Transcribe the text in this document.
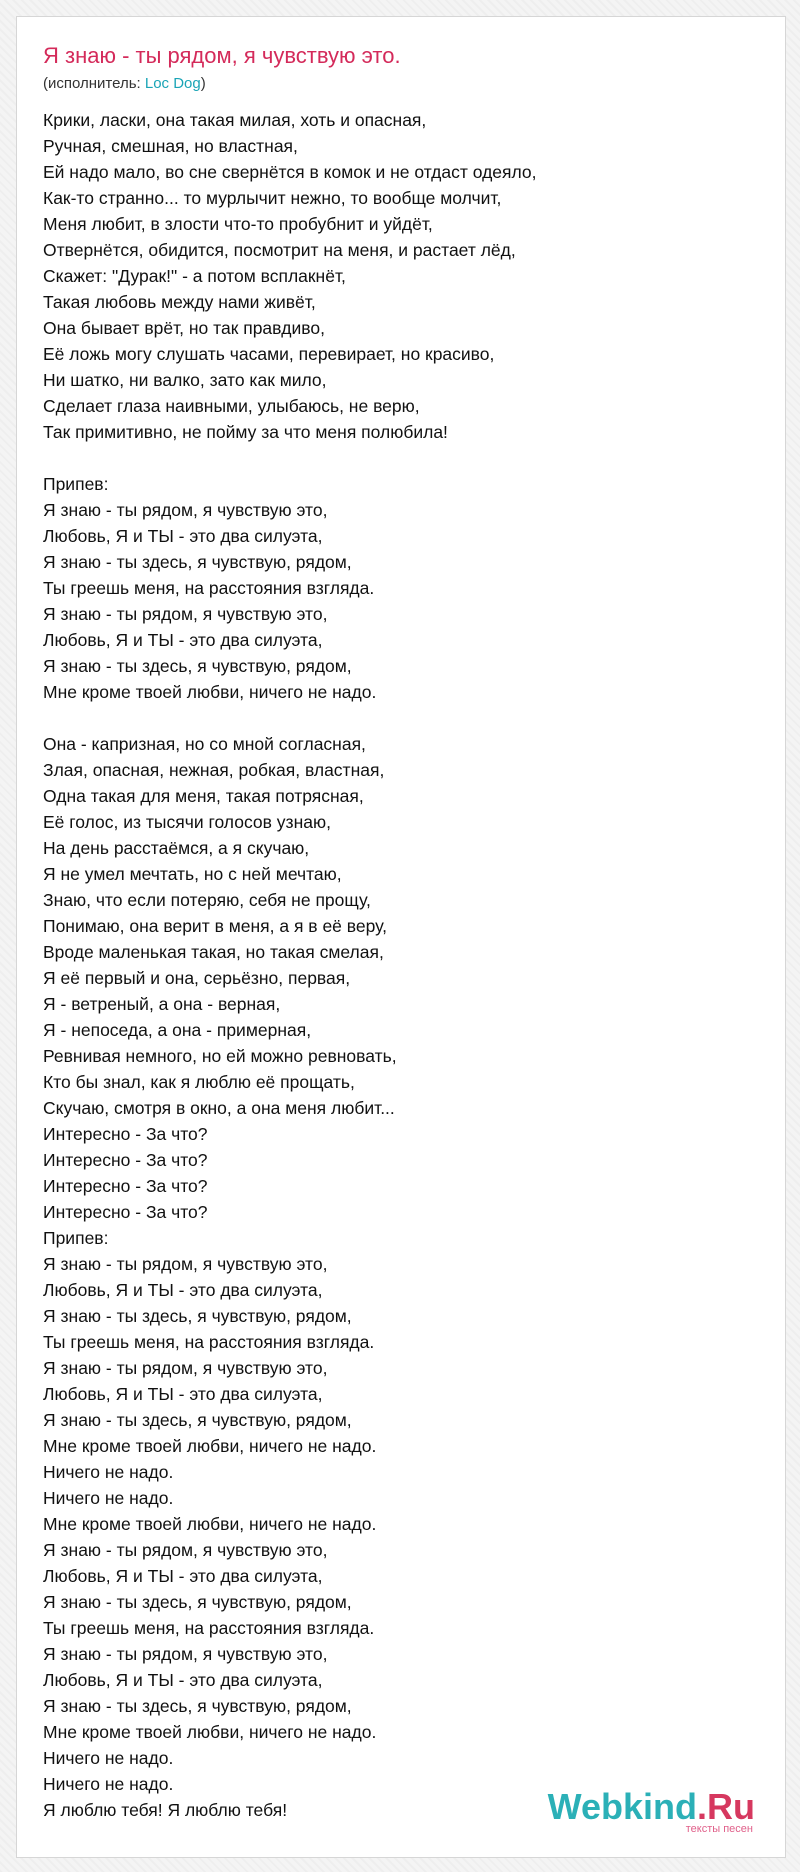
Я знаю - ты рядом, я чувствую это.
(исполнитель: Loc Dog)
Крики, ласки, она такая милая, хоть и опасная,
Ручная, смешная, но властная,
Ей надо мало, во сне свернётся в комок и не отдаст одеяло,
Как-то странно... то мурлычит нежно, то вообще молчит,
Меня любит, в злости что-то пробубнит и уйдёт,
Отвернётся, обидится, посмотрит на меня, и растает лёд,
Скажет: "Дурак!" - а потом всплакнёт,
Такая любовь между нами живёт,
Она бывает врёт, но так правдиво,
Её ложь могу слушать часами, перевирает, но красиво,
Ни шатко, ни валко, зато как мило,
Сделает глаза наивными, улыбаюсь, не верю,
Так примитивно, не пойму за что меня полюбила!
Припев:
Я знаю - ты рядом, я чувствую это,
Любовь, Я и ТЫ - это два силуэта,
Я знаю - ты здесь, я чувствую, рядом,
Ты греешь меня, на расстояния взгляда.
Я знаю - ты рядом, я чувствую это,
Любовь, Я и ТЫ - это два силуэта,
Я знаю - ты здесь, я чувствую, рядом,
Мне кроме твоей любви, ничего не надо.
Она - капризная, но со мной согласная,
Злая, опасная, нежная, робкая, властная,
Одна такая для меня, такая потрясная,
Её голос, из тысячи голосов узнаю,
На день расстаёмся, а я скучаю,
Я не умел мечтать, но с ней мечтаю,
Знаю, что если потеряю, себя не прощу,
Понимаю, она верит в меня, а я в её веру,
Вроде маленькая такая, но такая смелая,
Я её первый и она, серьёзно, первая,
Я - ветреный, а она - верная,
Я - непоседа, а она - примерная,
Ревнивая немного, но ей можно ревновать,
Кто бы знал, как я люблю её прощать,
Скучаю, смотря в окно, а она меня любит...
Интересно - За что?
Интересно - За что?
Интересно - За что?
Интересно - За что?
Припев:
Я знаю - ты рядом, я чувствую это,
Любовь, Я и ТЫ - это два силуэта,
Я знаю - ты здесь, я чувствую, рядом,
Ты греешь меня, на расстояния взгляда.
Я знаю - ты рядом, я чувствую это,
Любовь, Я и ТЫ - это два силуэта,
Я знаю - ты здесь, я чувствую, рядом,
Мне кроме твоей любви, ничего не надо.
Ничего не надо.
Ничего не надо.
Мне кроме твоей любви, ничего не надо.
Я знаю - ты рядом, я чувствую это,
Любовь, Я и ТЫ - это два силуэта,
Я знаю - ты здесь, я чувствую, рядом,
Ты греешь меня, на расстояния взгляда.
Я знаю - ты рядом, я чувствую это,
Любовь, Я и ТЫ - это два силуэта,
Я знаю - ты здесь, я чувствую, рядом,
Мне кроме твоей любви, ничего не надо.
Ничего не надо.
Ничего не надо.
Я люблю тебя! Я люблю тебя!	Webkind.Ru
тексты песен
